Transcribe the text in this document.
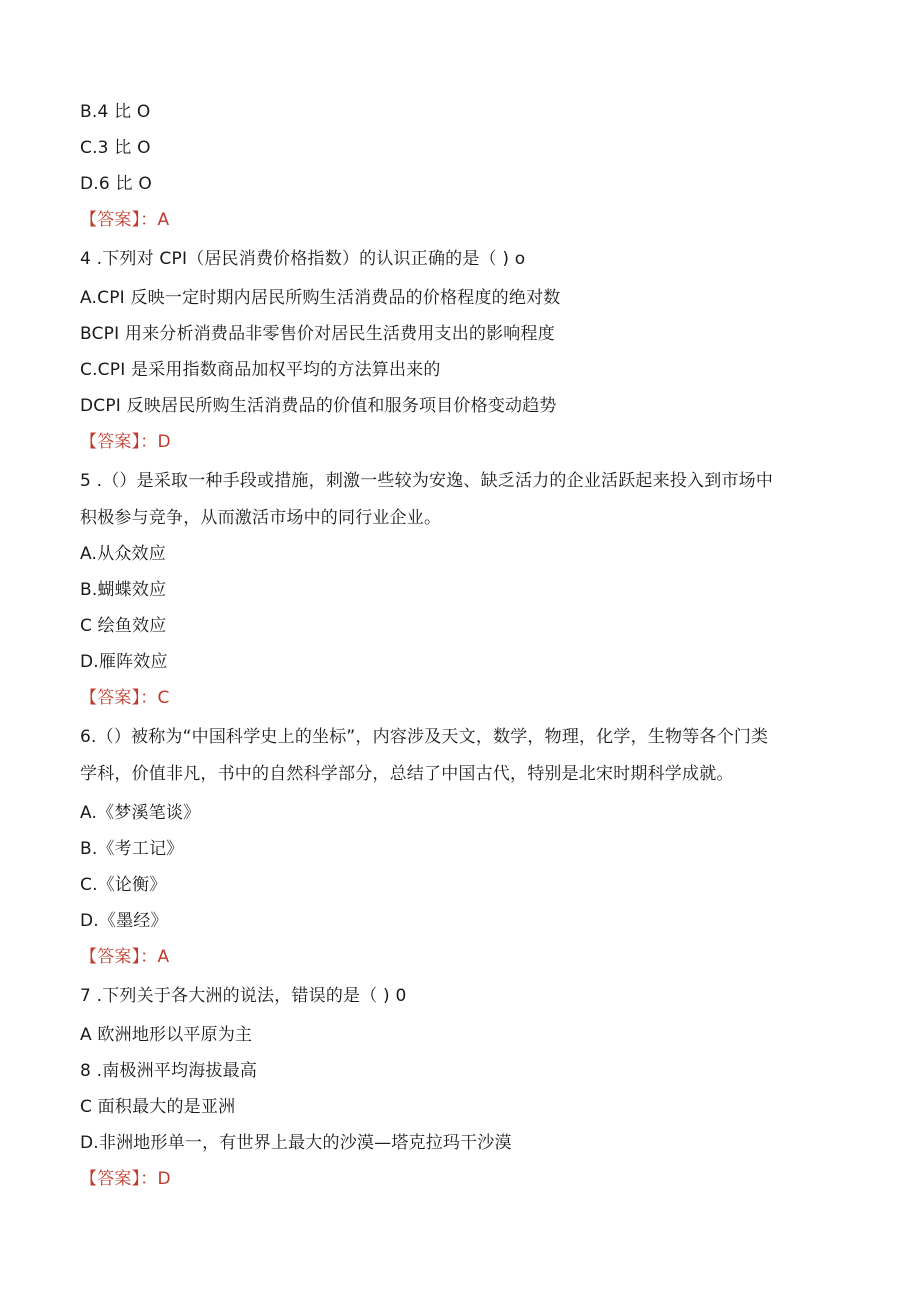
B.4 比 O
C.3 比 O
D.6 比 O
【答案】：A
4 .下列对 CPI（居民消费价格指数）的认识正确的是（ ) o
A.CPI 反映一定时期内居民所购生活消费品的价格程度的绝对数
BCPI 用来分析消费品非零售价对居民生活费用支出的影响程度
C.CPI 是采用指数商品加权平均的方法算出来的
DCPI 反映居民所购生活消费品的价值和服务项目价格变动趋势
【答案】：D
5 .（）是采取一种手段或措施，刺激一些较为安逸、缺乏活力的企业活跃起来投入到市场中
积极参与竞争，从而激活市场中的同行业企业。
A.从众效应
B.蝴蝶效应
C 绘鱼效应
D.雁阵效应
【答案】：C
6.（）被称为“中国科学史上的坐标”，内容涉及天文，数学，物理，化学，生物等各个门类
学科，价值非凡，书中的自然科学部分，总结了中国古代，特别是北宋时期科学成就。
A.《梦溪笔谈》
B.《考工记》
C.《论衡》
D.《墨经》
【答案】：A
7 .下列关于各大洲的说法，错误的是（ ) 0
A 欧洲地形以平原为主
8 .南极洲平均海拔最高
C 面积最大的是亚洲
D.非洲地形单一，有世界上最大的沙漠—塔克拉玛干沙漠
【答案】：D
